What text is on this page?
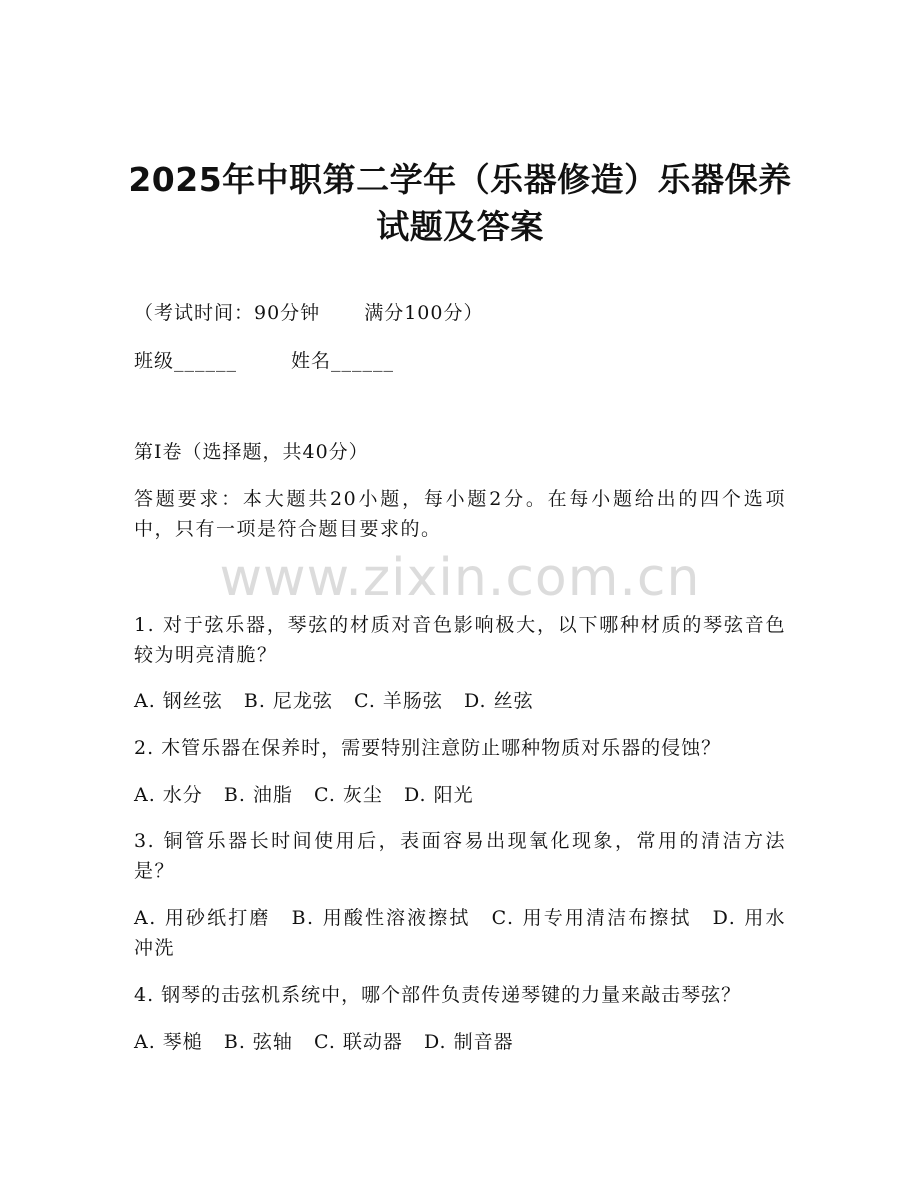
www.zixin.com.cn
2025年中职第二学年（乐器修造）乐器保养
试题及答案
（考试时间：90分钟 满分100分）
班级______	姓名______
第Ⅰ卷（选择题，共40分）
答题要求：本大题共20小题，每小题2分。在每小题给出的四个选项中，只有一项是符合题目要求的。
1. 对于弦乐器，琴弦的材质对音色影响极大，以下哪种材质的琴弦音色较为明亮清脆？
A. 钢丝弦 B. 尼龙弦 C. 羊肠弦 D. 丝弦
2. 木管乐器在保养时，需要特别注意防止哪种物质对乐器的侵蚀？
A. 水分 B. 油脂 C. 灰尘 D. 阳光
3. 铜管乐器长时间使用后，表面容易出现氧化现象，常用的清洁方法是？
A. 用砂纸打磨　B. 用酸性溶液擦拭　C. 用专用清洁布擦拭　D. 用水冲洗
4. 钢琴的击弦机系统中，哪个部件负责传递琴键的力量来敲击琴弦？
A. 琴槌 B. 弦轴 C. 联动器 D. 制音器
